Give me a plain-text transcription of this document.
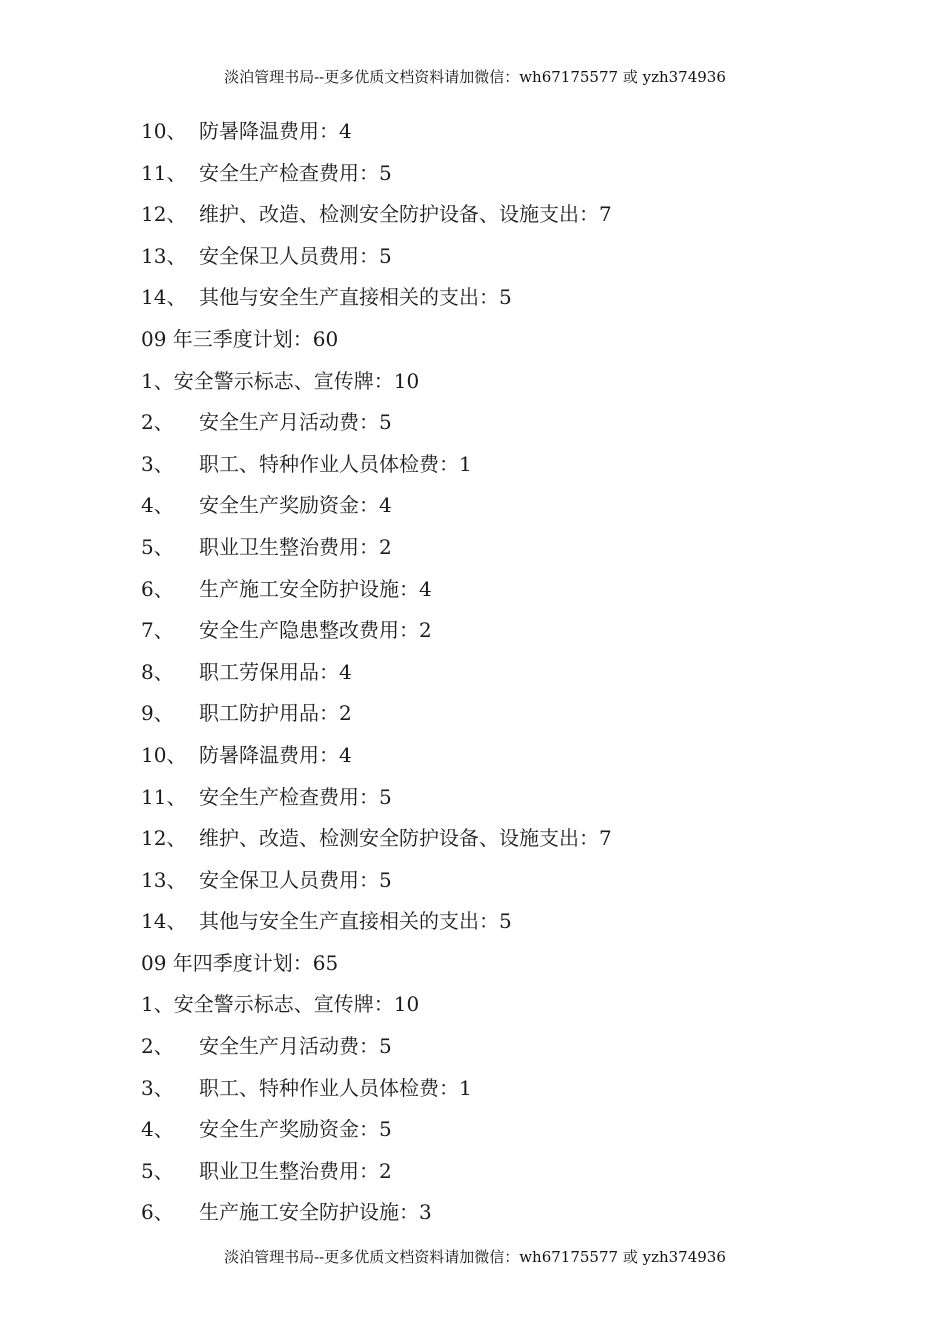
淡泊管理书局--更多优质文档资料请加微信：wh67175577 或 yzh374936
10、 防暑降温费用：4
11、 安全生产检查费用：5
12、 维护、改造、检测安全防护设备、设施支出：7
13、 安全保卫人员费用：5
14、 其他与安全生产直接相关的支出：5
09 年三季度计划：60
1、 安全警示标志、宣传牌：10
2、	安全生产月活动费：5
3、	职工、特种作业人员体检费：1
4、	安全生产奖励资金：4
5、	职业卫生整治费用：2
6、	生产施工安全防护设施：4
7、	安全生产隐患整改费用：2
8、	职工劳保用品：4
9、	职工防护用品：2
10、 防暑降温费用：4
11、 安全生产检查费用：5
12、 维护、改造、检测安全防护设备、设施支出：7
13、 安全保卫人员费用：5
14、 其他与安全生产直接相关的支出：5
09 年四季度计划：65
1、 安全警示标志、宣传牌：10
2、	安全生产月活动费：5
3、	职工、特种作业人员体检费：1
4、	安全生产奖励资金：5
5、	职业卫生整治费用：2
6、	生产施工安全防护设施：3
淡泊管理书局--更多优质文档资料请加微信：wh67175577 或 yzh374936
